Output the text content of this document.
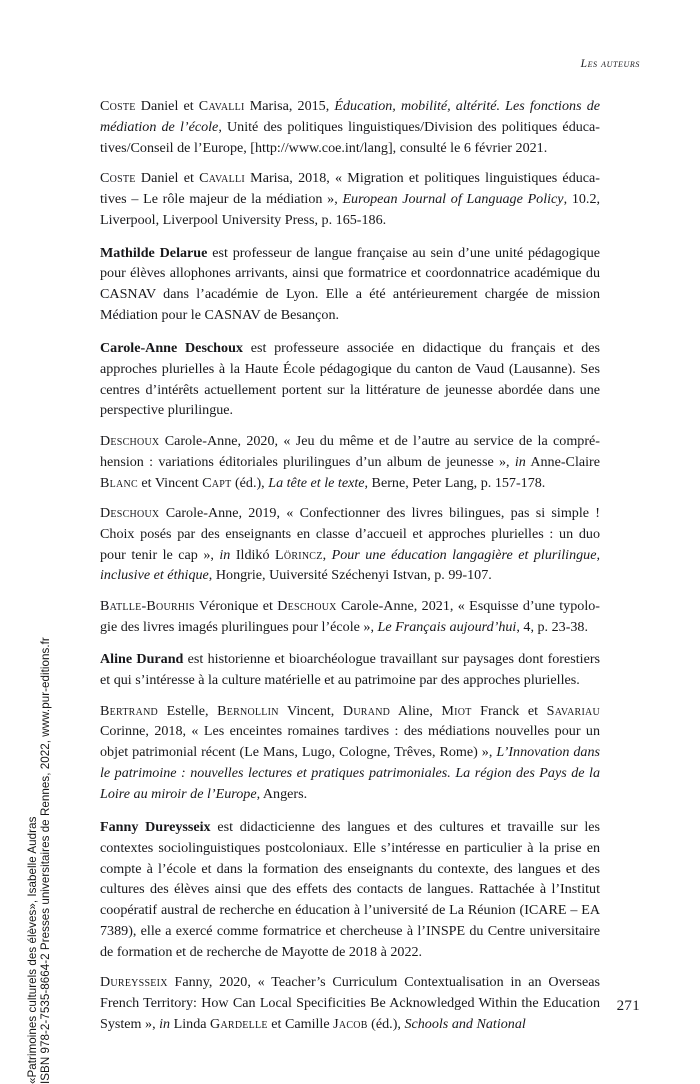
Les auteurs

Coste Daniel et Cavalli Marisa, 2015, Éducation, mobilité, altérité. Les fonctions de médiation de l’école, Unité des politiques linguistiques/Division des politiques éducatives/Conseil de l’Europe, [http://www.coe.int/lang], consulté le 6 février 2021.

Coste Daniel et Cavalli Marisa, 2018, « Migration et politiques linguistiques éducatives – Le rôle majeur de la médiation », European Journal of Language Policy, 10.2, Liverpool, Liverpool University Press, p. 165-186.

Mathilde Delarue est professeur de langue française au sein d’une unité pédagogique pour élèves allophones arrivants, ainsi que formatrice et coordonnatrice académique du CASNAV dans l’académie de Lyon. Elle a été antérieurement chargée de mission Médiation pour le CASNAV de Besançon.

Carole-Anne Deschoux est professeure associée en didactique du français et des approches plurielles à la Haute École pédagogique du canton de Vaud (Lausanne). Ses centres d’intérêts actuellement portent sur la littérature de jeunesse abordée dans une perspective plurilingue.

Deschoux Carole-Anne, 2020, « Jeu du même et de l’autre au service de la compréhension : variations éditoriales plurilingues d’un album de jeunesse », in Anne-Claire Blanc et Vincent Capt (éd.), La tête et le texte, Berne, Peter Lang, p. 157-178.

Deschoux Carole-Anne, 2019, « Confectionner des livres bilingues, pas si simple ! Choix posés par des enseignants en classe d’accueil et approches plurielles : un duo pour tenir le cap », in Ildikó Lörincz, Pour une éducation langagière et plurilingue, inclusive et éthique, Hongrie, Uuiversité Széchenyi Istvan, p. 99-107.

Batlle-Bourhis Véronique et Deschoux Carole-Anne, 2021, « Esquisse d’une typologie des livres imagés plurilingues pour l’école », Le Français aujourd’hui, 4, p. 23-38.

Aline Durand est historienne et bioarchéologue travaillant sur paysages dont forestiers et qui s’intéresse à la culture matérielle et au patrimoine par des approches plurielles.

Bertrand Estelle, Bernollin Vincent, Durand Aline, Miot Franck et Savariau Corinne, 2018, « Les enceintes romaines tardives : des médiations nouvelles pour un objet patrimonial récent (Le Mans, Lugo, Cologne, Trêves, Rome) », L’Innovation dans le patrimoine : nouvelles lectures et pratiques patrimoniales. La région des Pays de la Loire au miroir de l’Europe, Angers.

Fanny Dureysseix est didacticienne des langues et des cultures et travaille sur les contextes sociolinguistiques postcoloniaux. Elle s’intéresse en particulier à la prise en compte à l’école et dans la formation des enseignants du contexte, des langues et des cultures des élèves ainsi que des effets des contacts de langues. Rattachée à l’Institut coopératif austral de recherche en éducation à l’université de La Réunion (ICARE – EA 7389), elle a exercé comme formatrice et chercheuse à l’INSPE du Centre universitaire de formation et de recherche de Mayotte de 2018 à 2022.

Dureysseix Fanny, 2020, « Teacher’s Curriculum Contextualisation in an Overseas French Territory: How Can Local Specificities Be Acknowledged Within the Education System », in Linda Gardelle et Camille Jacob (éd.), Schools and National

«Patrimoines culturels des élèves», Isabelle Audras ISBN 978-2-7535-8664-2 Presses universitaires de Rennes, 2022, www.pur-editions.fr	271
